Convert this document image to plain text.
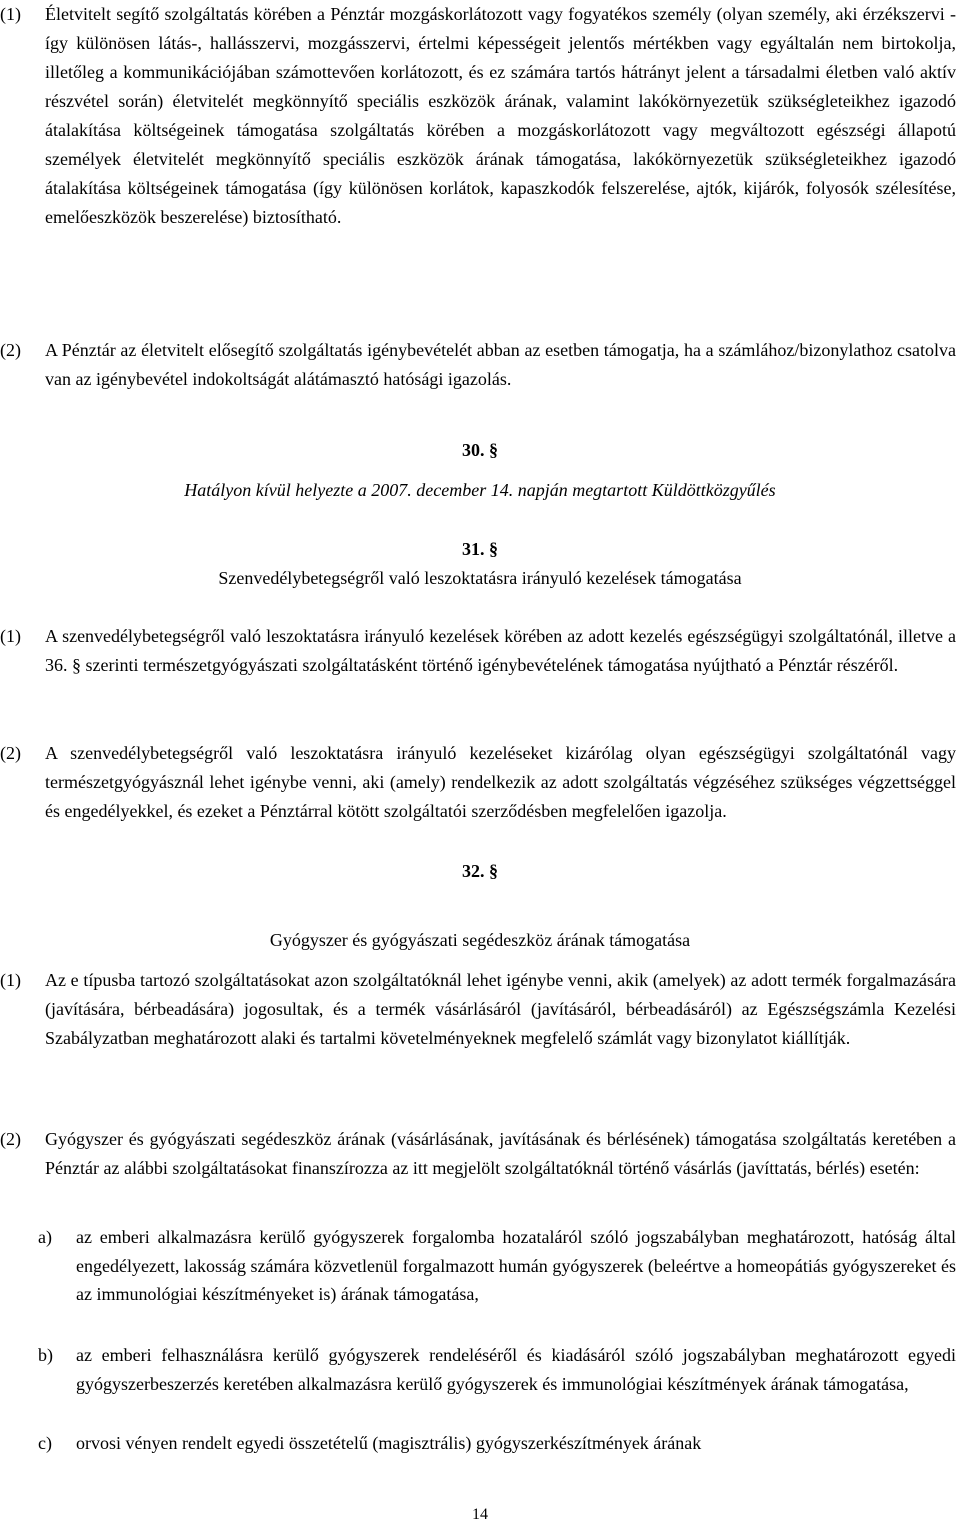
(1) Életvitelt segítő szolgáltatás körében a Pénztár mozgáskorlátozott vagy fogyatékos személy (olyan személy, aki érzékszervi - így különösen látás-, hallásszervi, mozgásszervi, értelmi képességeit jelentős mértékben vagy egyáltalán nem birtokolja, illetőleg a kommunikációjában számottevően korlátozott, és ez számára tartós hátrányt jelent a társadalmi életben való aktív részvétel során) életvitelét megkönnyítő speciális eszközök árának, valamint lakókörnyezetük szükségleteikhez igazodó átalakítása költségeinek támogatása szolgáltatás körében a mozgáskorlátozott vagy megváltozott egészségi állapotú személyek életvitelét megkönnyítő speciális eszközök árának támogatása, lakókörnyezetük szükségleteikhez igazodó átalakítása költségeinek támogatása (így különösen korlátok, kapaszkodók felszerelése, ajtók, kijárók, folyosók szélesítése, emelőeszközök beszerelése) biztosítható.
(2) A Pénztár az életvitelt elősegítő szolgáltatás igénybevételét abban az esetben támogatja, ha a számlához/bizonylathoz csatolva van az igénybevétel indokoltságát alátámasztó hatósági igazolás.
30. §
Hatályon kívül helyezte a 2007. december 14. napján megtartott Küldöttközgyűlés
31. §
Szenvedélybetegségről való leszoktatásra irányuló kezelések támogatása
(1) A szenvedélybetegségről való leszoktatásra irányuló kezelések körében az adott kezelés egészségügyi szolgáltatónál, illetve a 36. § szerinti természetgyógyászati szolgáltatásként történő igénybevételének támogatása nyújtható a Pénztár részéről.
(2) A szenvedélybetegségről való leszoktatásra irányuló kezeléseket kizárólag olyan egészségügyi szolgáltatónál vagy természetgyógyásznál lehet igénybe venni, aki (amely) rendelkezik az adott szolgáltatás végzéséhez szükséges végzettséggel és engedélyekkel, és ezeket a Pénztárral kötött szolgáltatói szerződésben megfelelően igazolja.
32. §
Gyógyszer és gyógyászati segédeszköz árának támogatása
(1) Az e típusba tartozó szolgáltatásokat azon szolgáltatóknál lehet igénybe venni, akik (amelyek) az adott termék forgalmazására (javítására, bérbeadására) jogosultak, és a termék vásárlásáról (javításáról, bérbeadásáról) az Egészségszámla Kezelési Szabályzatban meghatározott alaki és tartalmi követelményeknek megfelelő számlát vagy bizonylatot kiállítják.
(2) Gyógyszer és gyógyászati segédeszköz árának (vásárlásának, javításának és bérlésének) támogatása szolgáltatás keretében a Pénztár az alábbi szolgáltatásokat finanszírozza az itt megjelölt szolgáltatóknál történő vásárlás (javíttatás, bérlés) esetén:
a) az emberi alkalmazásra kerülő gyógyszerek forgalomba hozataláról szóló jogszabályban meghatározott, hatóság által engedélyezett, lakosság számára közvetlenül forgalmazott humán gyógyszerek (beleértve a homeopátiás gyógyszereket és az immunológiai készítményeket is) árának támogatása,
b) az emberi felhasználásra kerülő gyógyszerek rendeléséről és kiadásáról szóló jogszabályban meghatározott egyedi gyógyszerbeszerzés keretében alkalmazásra kerülő gyógyszerek és immunológiai készítmények árának támogatása,
c) orvosi vényen rendelt egyedi összetételű (magisztrális) gyógyszerkészítmények árának
14
